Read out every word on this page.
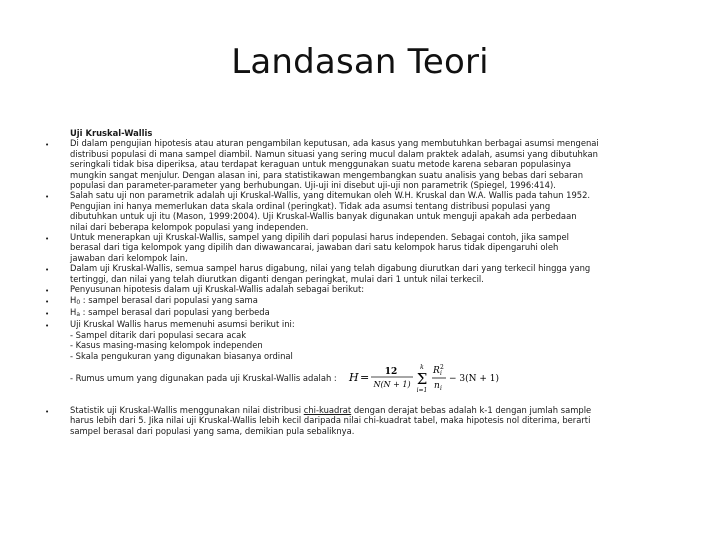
Landasan Teori
Uji Kruskal-Wallis
• Di dalam pengujian hipotesis atau aturan pengambilan keputusan, ada kasus yang membutuhkan berbagai asumsi mengenai
distribusi populasi di mana sampel diambil. Namun situasi yang sering mucul dalam praktek adalah, asumsi yang dibutuhkan
seringkali tidak bisa diperiksa, atau terdapat keraguan untuk menggunakan suatu metode karena sebaran populasinya
mungkin sangat menjulur. Dengan alasan ini, para statistikawan mengembangkan suatu analisis yang bebas dari sebaran
populasi dan parameter-parameter yang berhubungan. Uji-uji ini disebut uji-uji non parametrik (Spiegel, 1996:414).
• Salah satu uji non parametrik adalah uji Kruskal-Wallis, yang ditemukan oleh W.H. Kruskal dan W.A. Wallis pada tahun 1952.
Pengujian ini hanya memerlukan data skala ordinal (peringkat). Tidak ada asumsi tentang distribusi populasi yang
dibutuhkan untuk uji itu (Mason, 1999:2004). Uji Kruskal-Wallis banyak digunakan untuk menguji apakah ada perbedaan
nilai dari beberapa kelompok populasi yang independen.
• Untuk menerapkan uji Kruskal-Wallis, sampel yang dipilih dari populasi harus independen. Sebagai contoh, jika sampel
berasal dari tiga kelompok yang dipilih dan diwawancarai, jawaban dari satu kelompok harus tidak dipengaruhi oleh
jawaban dari kelompok lain.
• Dalam uji Kruskal-Wallis, semua sampel harus digabung, nilai yang telah digabung diurutkan dari yang terkecil hingga yang
tertinggi, dan nilai yang telah diurutkan diganti dengan peringkat, mulai dari 1 untuk nilai terkecil.
• Penyusunan hipotesis dalam uji Kruskal-Wallis adalah sebagai berikut:
• H0 : sampel berasal dari populasi yang sama
• Ha : sampel berasal dari populasi yang berbeda
• Uji Kruskal Wallis harus memenuhi asumsi berikut ini:
- Sampel ditarik dari populasi secara acak
- Kasus masing-masing kelompok independen
- Skala pengukuran yang digunakan biasanya ordinal
- Rumus umum yang digunakan pada uji Kruskal-Wallis adalah : H = 12
N(N + 1)
k
Σ
i=1
R 2
i
n i
− 3(N + 1)
• Statistik uji Kruskal-Wallis menggunakan nilai distribusi chi-kuadrat dengan derajat bebas adalah k-1 dengan jumlah sample
harus lebih dari 5. Jika nilai uji Kruskal-Wallis lebih kecil daripada nilai chi-kuadrat tabel, maka hipotesis nol diterima, berarti
sampel berasal dari populasi yang sama, demikian pula sebaliknya.
